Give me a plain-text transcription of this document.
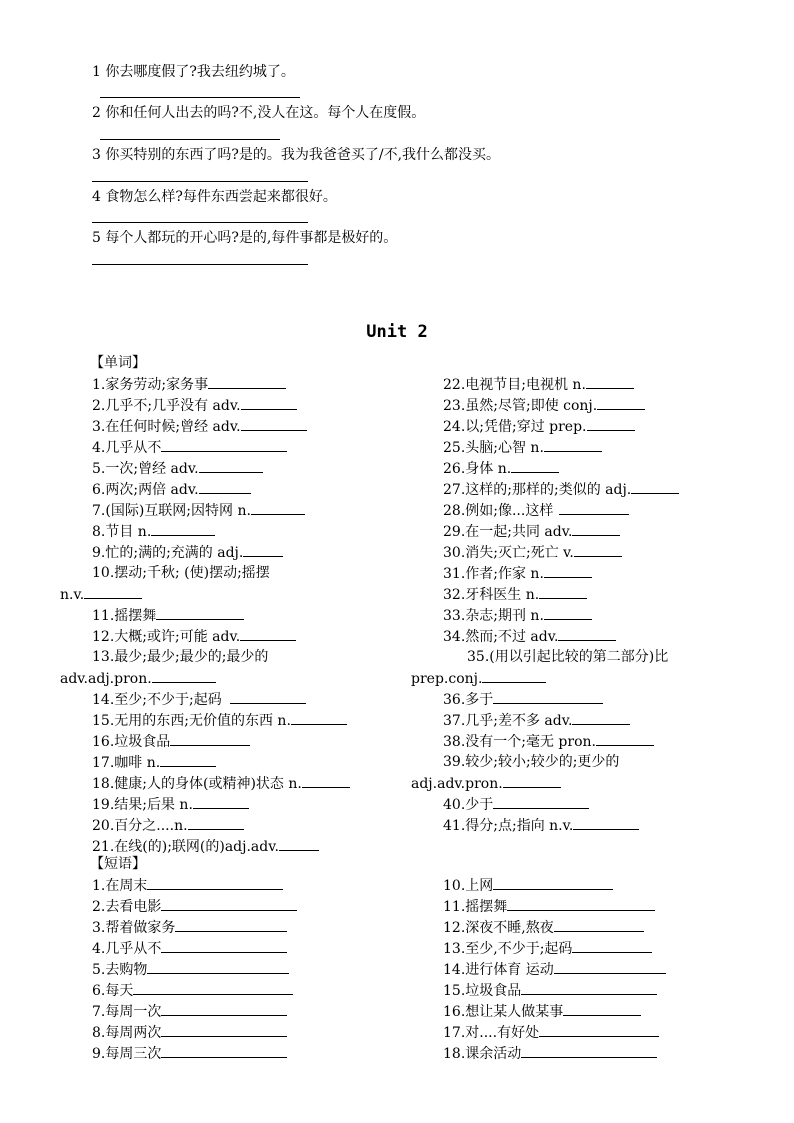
1 你去哪度假了?我去纽约城了。
2 你和任何人出去的吗?不,没人在这。每个人在度假。
3 你买特别的东西了吗?是的。我为我爸爸买了/不,我什么都没买。
4 食物怎么样?每件东西尝起来都很好。
5 每个人都玩的开心吗?是的,每件事都是极好的。
Unit 2
【单词】
1.家务劳动;家务事
2.几乎不;几乎没有 adv.
3.在任何时候;曾经 adv.
4.几乎从不
5.一次;曾经 adv.
6.两次;两倍 adv.
7.(国际)互联网;因特网 n.
8.节目 n.
9.忙的;满的;充满的 adj.
10.摆动;千秋; (使)摆动;摇摆
n.v.
11.摇摆舞
12.大概;或许;可能 adv.
13.最少;最少;最少的;最少的
adv.adj.pron.
14.至少;不少于;起码
15.无用的东西;无价值的东西 n.
16.垃圾食品
17.咖啡 n.
18.健康;人的身体(或精神)状态 n.
19.结果;后果 n.
20.百分之....n.
21.在线(的);联网(的)adj.adv.
22.电视节目;电视机 n.
23.虽然;尽管;即使 conj.
24.以;凭借;穿过 prep.
25.头脑;心智 n.
26.身体 n.
27.这样的;那样的;类似的 adj.
28.例如;像...这样
29.在一起;共同 adv.
30.消失;灭亡;死亡 v.
31.作者;作家 n.
32.牙科医生 n.
33.杂志;期刊 n.
34.然而;不过 adv.
35.(用以引起比较的第二部分)比
prep.conj.
36.多于
37.几乎;差不多 adv.
38.没有一个;毫无 pron.
39.较少;较小;较少的;更少的
adj.adv.pron.
40.少于
41.得分;点;指向 n.v.
【短语】
1.在周末
2.去看电影
3.帮着做家务
4.几乎从不
5.去购物
6.每天
7.每周一次
8.每周两次
9.每周三次
10.上网
11.摇摆舞
12.深夜不睡,熬夜
13.至少,不少于;起码
14.进行体育 运动
15.垃圾食品
16.想让某人做某事
17.对....有好处
18.课余活动
